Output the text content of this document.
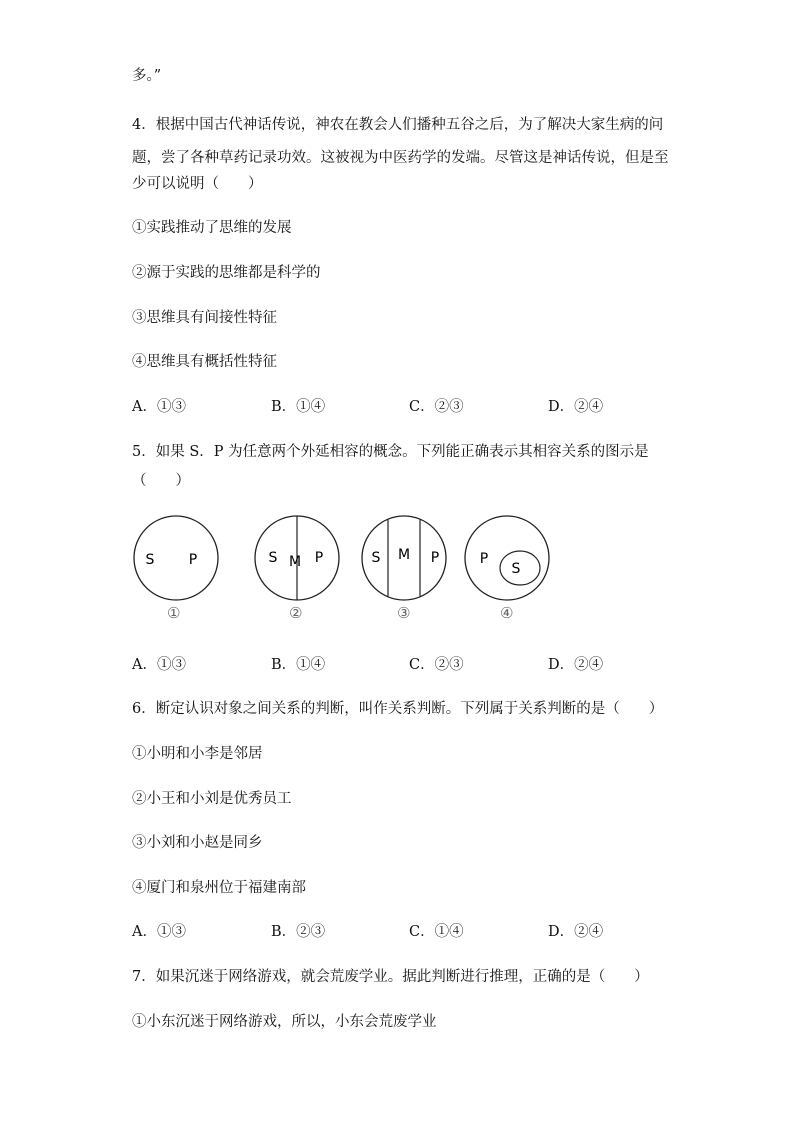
多。”
4．根据中国古代神话传说，神农在教会人们播种五谷之后，为了解决大家生病的问
题，尝了各种草药记录功效。这被视为中医药学的发端。尽管这是神话传说，但是至
少可以说明（　　）
①实践推动了思维的发展
②源于实践的思维都是科学的
③思维具有间接性特征
④思维具有概括性特征
A．①③	B．①④	C．②③	D．②④
5．如果 S．P 为任意两个外延相容的概念。下列能正确表示其相容关系的图示是
（　　）
S P	S M P	S M P	P
S
①	②	③	④
A．①③	B．①④	C．②③	D．②④
6．断定认识对象之间关系的判断，叫作关系判断。下列属于关系判断的是（　　）
①小明和小李是邻居
②小王和小刘是优秀员工
③小刘和小赵是同乡
④厦门和泉州位于福建南部
A．①③	B．②③	C．①④	D．②④
7．如果沉迷于网络游戏，就会荒废学业。据此判断进行推理，正确的是（　　）
①小东沉迷于网络游戏，所以，小东会荒废学业
